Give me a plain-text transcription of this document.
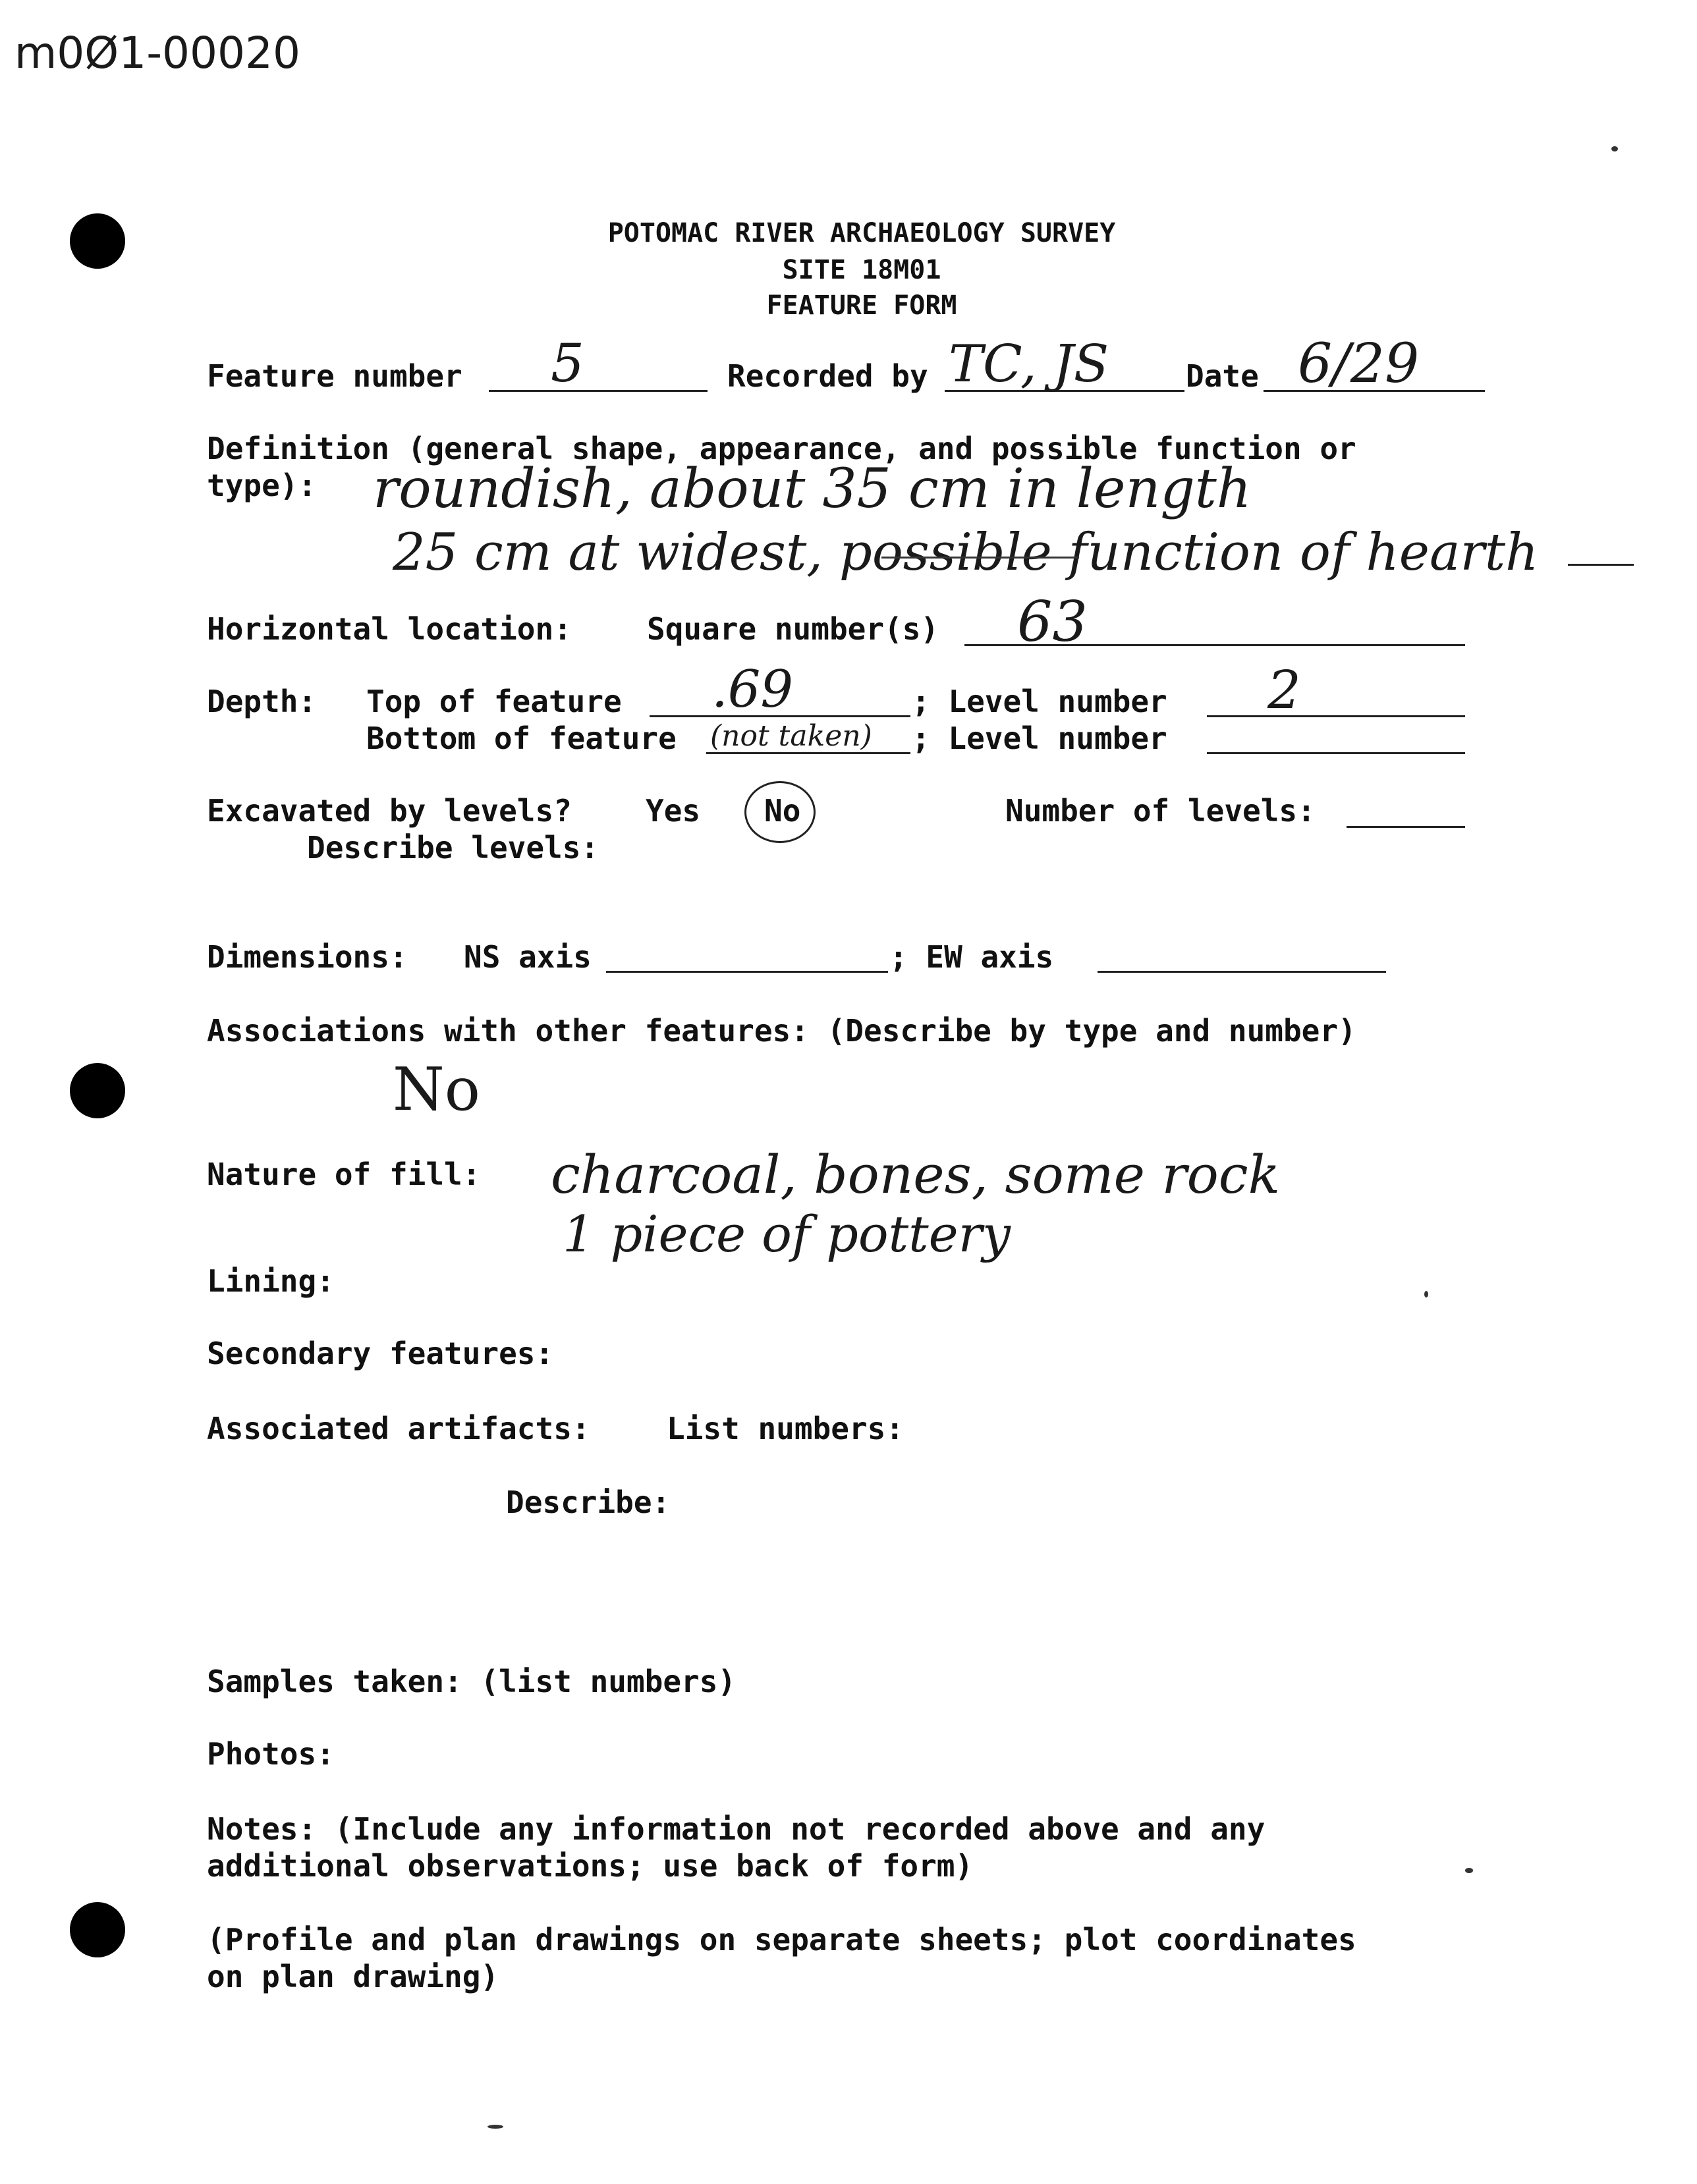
m0Ø1-00020
POTOMAC RIVER ARCHAEOLOGY SURVEY
SITE 18M01
FEATURE FORM
Feature number 5	Recorded by TC, JS	Date 6/29
Definition (general shape, appearance, and possible function or
type): roundish, about 35 cm in length
25 cm at widest, possible function of hearth
Horizontal location: Square number(s) 63
Depth: Top of feature .69	; Level number 2
Bottom of feature (not taken) ; Level number
Excavated by levels? Yes No	Number of levels:
Describe levels:
Dimensions: NS axis	; EW axis
Associations with other features: (Describe by type and number)
No
Nature of fill: charcoal, bones, some rock
1 piece of pottery
Lining:
Secondary features:
Associated artifacts:	List numbers:
Describe:
Samples taken: (list numbers)
Photos:
Notes: (Include any information not recorded above and any
additional observations; use back of form)
(Profile and plan drawings on separate sheets; plot coordinates
on plan drawing)
